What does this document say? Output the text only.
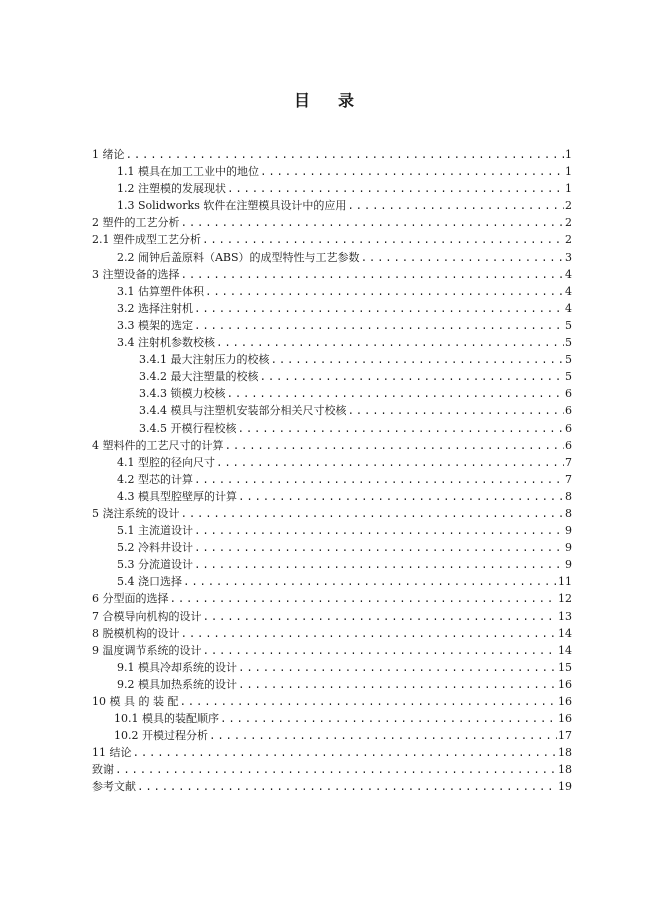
目 录
1 绪论 .....	1
1.1 模具在加工工业中的地位 .....	1
1.2 注塑模的发展现状 .....	1
1.3 Solidworks 软件在注塑模具设计中的应用 .....	2
2 塑件的工艺分析 .....	2
2.1 塑件成型工艺分析 .....	2
2.2 闹钟后盖原料（ABS）的成型特性与工艺参数 .....	3
3 注塑设备的选择 .....	4
3.1 估算塑件体积 .....	4
3.2 选择注射机 .....	4
3.3 模架的选定 .....	5
3.4 注射机参数校核 .....	5
3.4.1 最大注射压力的校核 .....	5
3.4.2 最大注塑量的校核 .....	5
3.4.3 锁模力校核 .....	6
3.4.4 模具与注塑机安装部分相关尺寸校核 .....	6
3.4.5 开模行程校核 .....	6
4 塑料件的工艺尺寸的计算 .....	6
4.1 型腔的径向尺寸 .....	7
4.2 型芯的计算 .....	7
4.3 模具型腔壁厚的计算 .....	8
5 浇注系统的设计 .....	8
5.1 主流道设计 .....	9
5.2 冷料井设计 .....	9
5.3 分流道设计 .....	9
5.4 浇口选择 .....	11
6 分型面的选择 .....	12
7 合模导向机构的设计 .....	13
8 脱模机构的设计 .....	14
9 温度调节系统的设计 .....	14
9.1 模具冷却系统的设计 .....	15
9.2 模具加热系统的设计 .....	16
10 模 具 的 装 配 .....	16
10.1 模具的装配顺序 .....	16
10.2 开模过程分析 .....	17
11 结论 .....	18
致谢 .....	18
参考文献 .....	19
